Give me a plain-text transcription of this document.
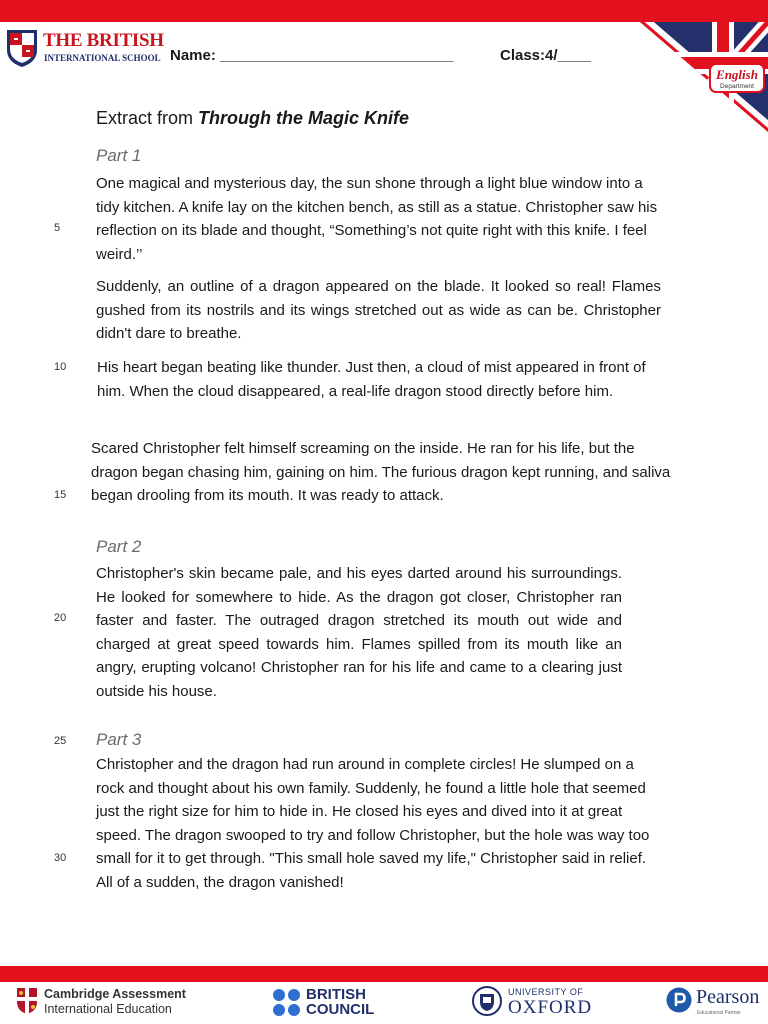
THE BRITISH
INTERNATIONAL SCHOOL Name: ____________________________	Class:4/____
English
Department
Extract from Through the Magic Knife
Part 1

One magical and mysterious day, the sun shone through a light blue window into a tidy kitchen. A knife lay on the kitchen bench, as still as a statue. Christopher saw his reflection on its blade and thought, “Something’s not quite right with this knife. I feel weird.’’

Suddenly, an outline of a dragon appeared on the blade. It looked so real! Flames gushed from its nostrils and its wings stretched out as wide as can be. Christopher didn't dare to breathe.

His heart began beating like thunder. Just then, a cloud of mist appeared in front of him. When the cloud disappeared, a real-life dragon stood directly before him.

Scared Christopher felt himself screaming on the inside. He ran for his life, but the dragon began chasing him, gaining on him. The furious dragon kept running, and saliva began drooling from its mouth. It was ready to attack.

Part 2

Christopher's skin became pale, and his eyes darted around his surroundings. He looked for somewhere to hide. As the dragon got closer, Christopher ran faster and faster. The outraged dragon stretched its mouth out wide and charged at great speed towards him. Flames spilled from its mouth like an angry, erupting volcano! Christopher ran for his life and came to a clearing just outside his house.

Part 3

Christopher and the dragon had run around in complete circles! He slumped on a rock and thought about his own family. Suddenly, he found a little hole that seemed just the right size for him to hide in. He closed his eyes and dived into it at great speed. The dragon swooped to try and follow Christopher, but the hole was way too small for it to get through. "This small hole saved my life," Christopher said in relief. All of a sudden, the dragon vanished!

5
10
15
20
25
30
Cambridge Assessment
International Education
BRITISH
COUNCIL
UNIVERSITY OF
OXFORD	Pearson
Educational Partner
